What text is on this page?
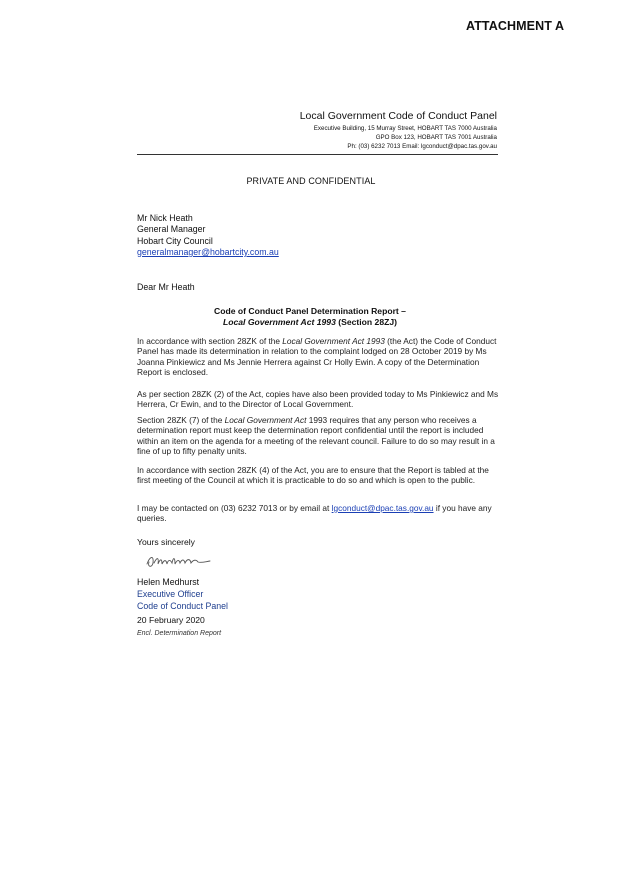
ATTACHMENT A
Local Government Code of Conduct Panel
Executive Building, 15 Murray Street, HOBART TAS 7000 Australia
GPO Box 123, HOBART TAS 7001 Australia
Ph: (03) 6232 7013 Email: lgconduct@dpac.tas.gov.au
PRIVATE AND CONFIDENTIAL
Mr Nick Heath
General Manager
Hobart City Council
generalmanager@hobartcity.com.au
Dear Mr Heath
Code of Conduct Panel Determination Report –
Local Government Act 1993 (Section 28ZJ)

In accordance with section 28ZK of the Local Government Act 1993 (the Act) the Code of Conduct Panel has made its determination in relation to the complaint lodged on 28 October 2019 by Ms Joanna Pinkiewicz and Ms Jennie Herrera against Cr Holly Ewin. A copy of the Determination Report is enclosed.

As per section 28ZK (2) of the Act, copies have also been provided today to Ms Pinkiewicz and Ms Herrera, Cr Ewin, and to the Director of Local Government.

Section 28ZK (7) of the Local Government Act 1993 requires that any person who receives a determination report must keep the determination report confidential until the report is included within an item on the agenda for a meeting of the relevant council. Failure to do so may result in a fine of up to fifty penalty units.

In accordance with section 28ZK (4) of the Act, you are to ensure that the Report is tabled at the first meeting of the Council at which it is practicable to do so and which is open to the public.

I may be contacted on (03) 6232 7013 or by email at lgconduct@dpac.tas.gov.au if you have any queries.

Yours sincerely
Helen Medhurst
Executive Officer
Code of Conduct Panel
20 February 2020
Encl. Determination Report
